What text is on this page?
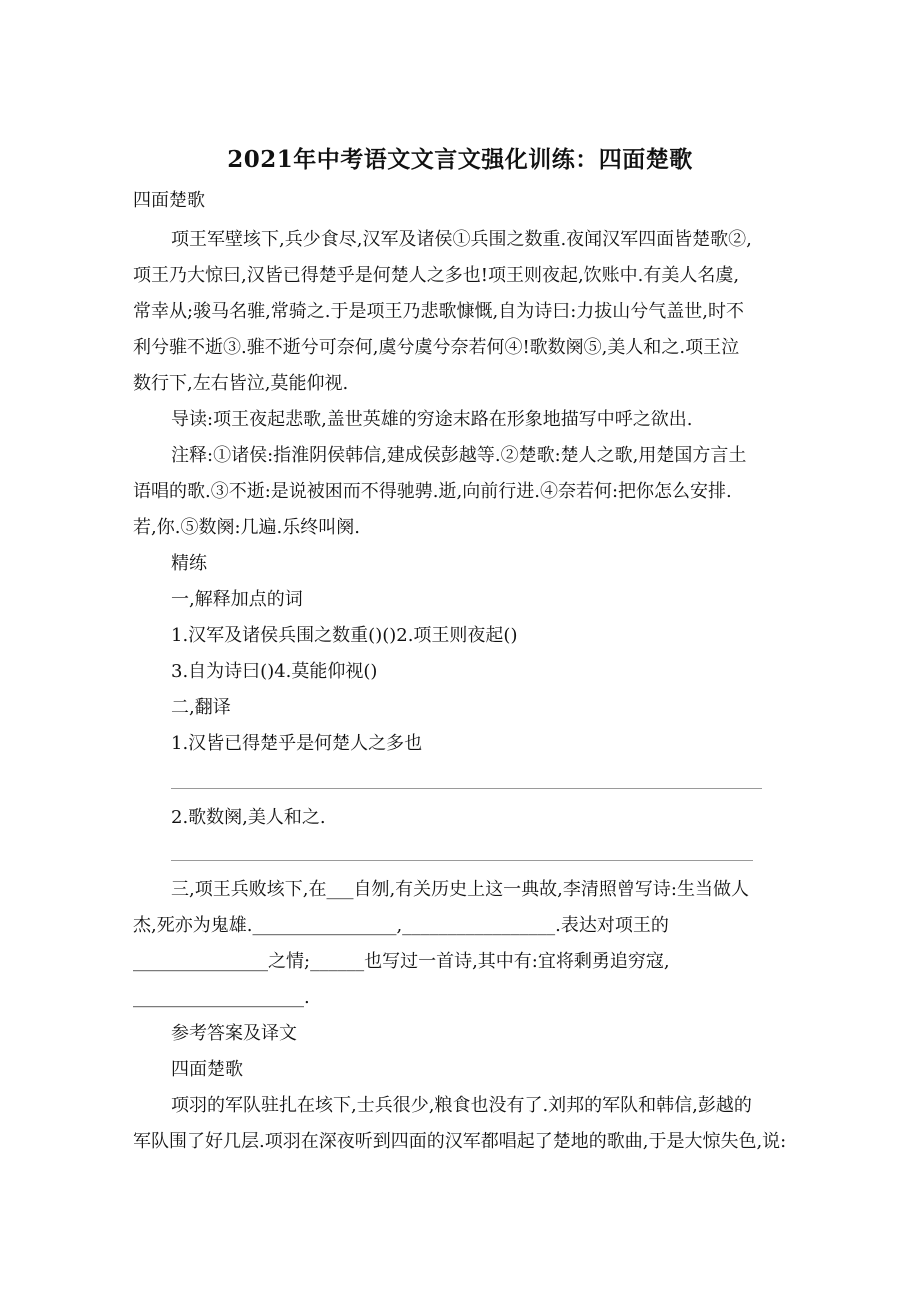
2021年中考语文文言文强化训练：四面楚歌

四面楚歌

项王军壁垓下,兵少食尽,汉军及诸侯①兵围之数重.夜闻汉军四面皆楚歌②,

项王乃大惊曰,汉皆已得楚乎是何楚人之多也!项王则夜起,饮账中.有美人名虞,

常幸从;骏马名骓,常骑之.于是项王乃悲歌慷慨,自为诗曰:力拔山兮气盖世,时不

利兮骓不逝③.骓不逝兮可奈何,虞兮虞兮奈若何④!歌数阕⑤,美人和之.项王泣

数行下,左右皆泣,莫能仰视.

导读:项王夜起悲歌,盖世英雄的穷途末路在形象地描写中呼之欲出.

注释:①诸侯:指淮阴侯韩信,建成侯彭越等.②楚歌:楚人之歌,用楚国方言土

语唱的歌.③不逝:是说被困而不得驰骋.逝,向前行进.④奈若何:把你怎么安排.

若,你.⑤数阕:几遍.乐终叫阕.

精练

一,解释加点的词

1.汉军及诸侯兵围之数重()()2.项王则夜起()

3.自为诗曰()4.莫能仰视()

二,翻译

1.汉皆已得楚乎是何楚人之多也

2.歌数阕,美人和之.

三,项王兵败垓下,在___自刎,有关历史上这一典故,李清照曾写诗:生当做人

杰,死亦为鬼雄.________________,_________________.表达对项王的

_______________之情;______也写过一首诗,其中有:宜将剩勇追穷寇,

___________________.

参考答案及译文

四面楚歌

项羽的军队驻扎在垓下,士兵很少,粮食也没有了.刘邦的军队和韩信,彭越的

军队围了好几层.项羽在深夜听到四面的汉军都唱起了楚地的歌曲,于是大惊失色,说:
